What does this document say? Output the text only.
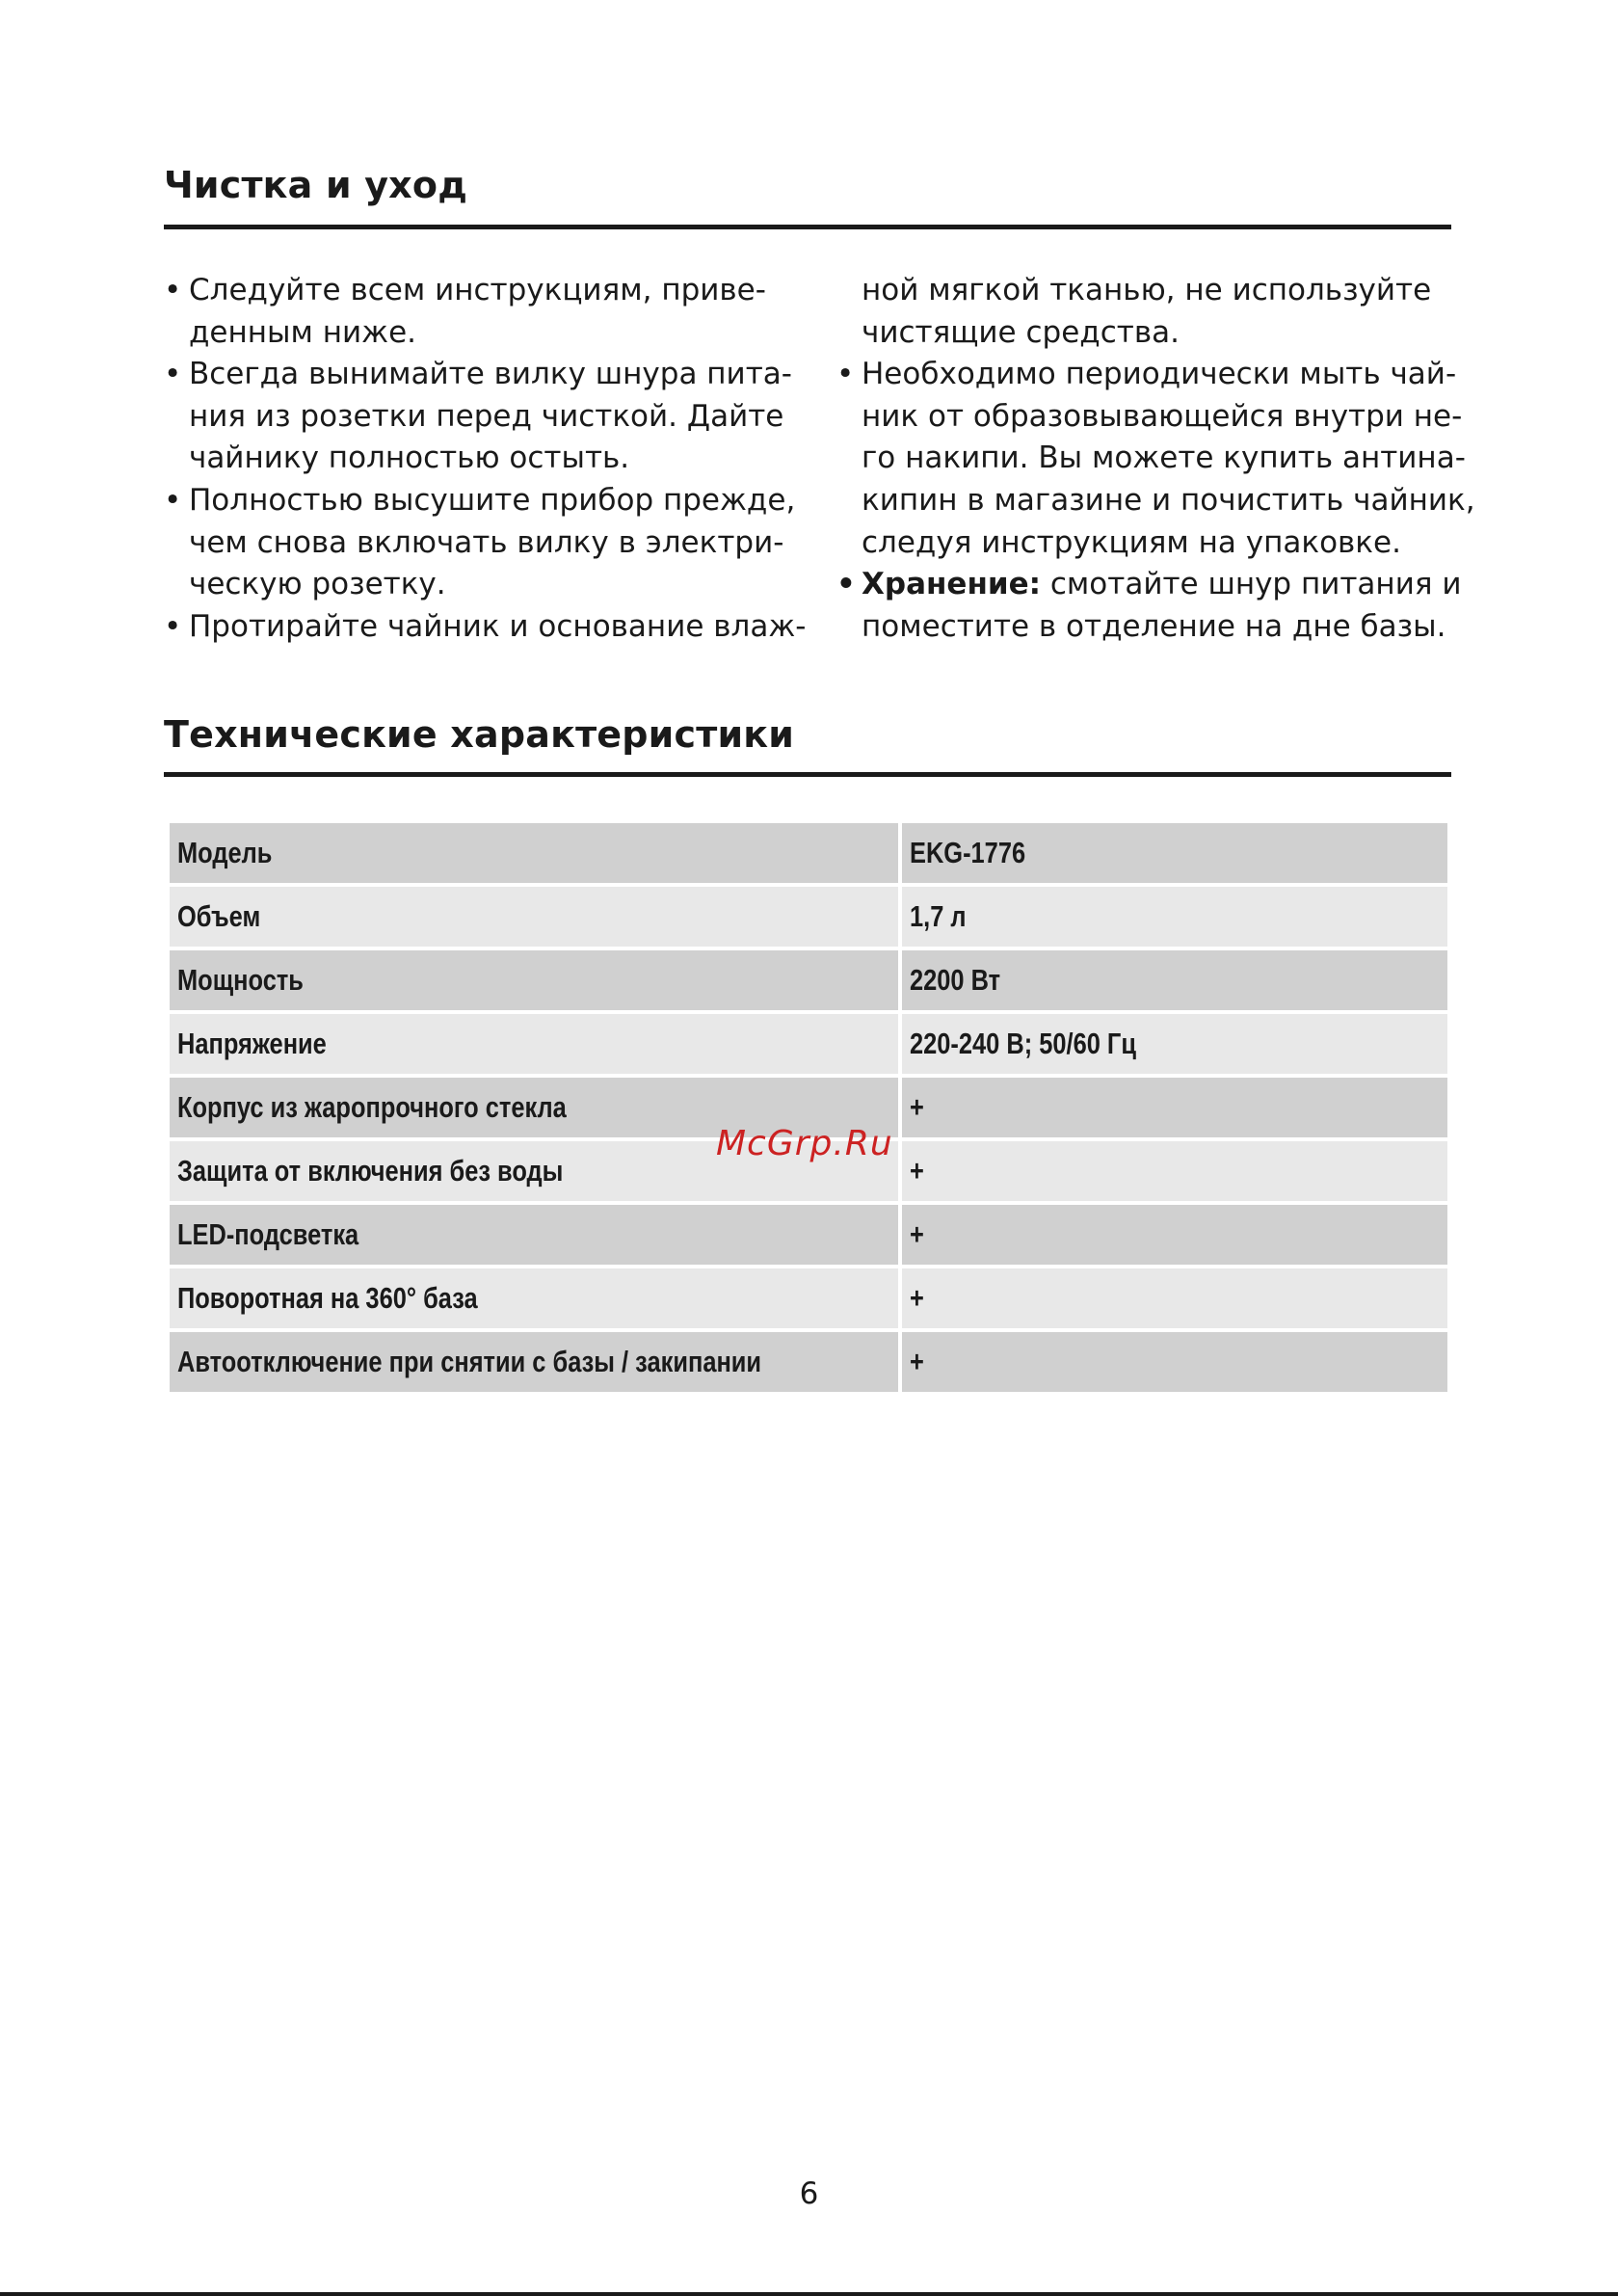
Чистка и уход
• Следуйте всем инструкциям, приве-
денным ниже.
• Всегда вынимайте вилку шнура пита-
ния из розетки перед чисткой. Дайте
чайнику полностью остыть.
• Полностью высушите прибор прежде,
чем снова включать вилку в электри-
ческую розетку.
• Протирайте чайник и основание влаж-
ной мягкой тканью, не используйте
чистящие средства.
• Необходимо периодически мыть чай-
ник от образовывающейся внутри не-
го накипи. Вы можете купить антина-
кипин в магазине и почистить чайник,
следуя инструкциям на упаковке.
• Хранение: смотайте шнур питания и
поместите в отделение на дне базы.
Технические характеристики
Модель	EKG-1776
Объем	1,7 л
Мощность	2200 Вт
Напряжение	220-240 В; 50/60 Гц
Корпус из жаропрочного стекла	+
Защита от включения без воды	+
LED-подсветка	+
Поворотная на 360° база	+
Автоотключение при снятии с базы / закипании	+
McGrp.Ru
6
